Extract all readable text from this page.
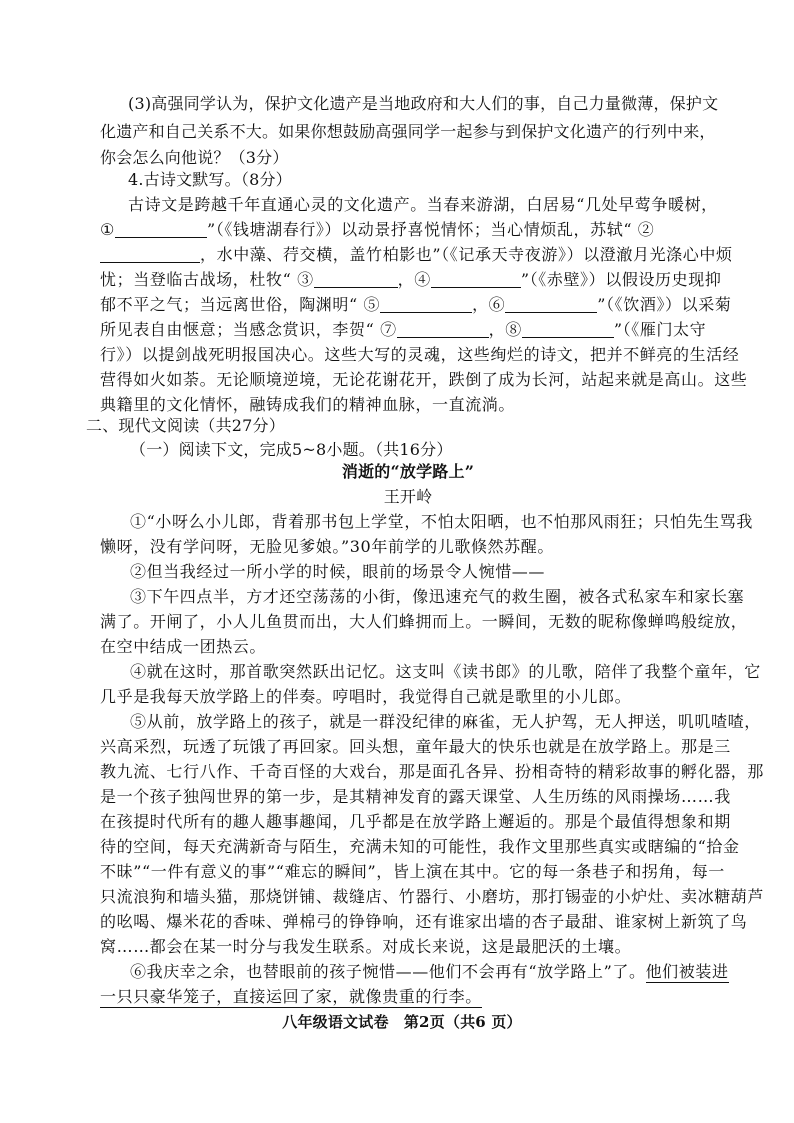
(3)高强同学认为，保护文化遗产是当地政府和大人们的事，自己力量微薄，保护文
化遗产和自己关系不大。如果你想鼓励高强同学一起参与到保护文化遗产的行列中来，
你会怎么向他说？（3分）
4.古诗文默写。（8分）
古诗文是跨越千年直通心灵的文化遗产。当春来游湖，白居易“几处早莺争暖树，
①	”（《钱塘湖春行》）以动景抒喜悦情怀；当心情烦乱，苏轼“ ②
，水中藻、荇交横，盖竹柏影也”（《记承天寺夜游》）以澄澈月光涤心中烦
忧；当登临古战场，杜牧“ ③	，④	”（《赤壁》）以假设历史现抑
郁不平之气；当远离世俗，陶渊明“ ⑤	，⑥	”（《饮酒》）以采菊
所见表自由惬意；当感念赏识，李贺“ ⑦	，⑧	”（《雁门太守
行》）以提剑战死明报国决心。这些大写的灵魂，这些绚烂的诗文，把并不鲜亮的生活经
营得如火如荼。无论顺境逆境，无论花谢花开，跌倒了成为长河，站起来就是高山。这些
典籍里的文化情怀，融铸成我们的精神血脉，一直流淌。
二、现代文阅读（共27分）
（一）阅读下文，完成5~8小题。（共16分）
消逝的“放学路上”
王开岭
①“小呀么小儿郎，背着那书包上学堂，不怕太阳晒，也不怕那风雨狂；只怕先生骂我
懒呀，没有学问呀，无脸见爹娘。”30年前学的儿歌倏然苏醒。
②但当我经过一所小学的时候，眼前的场景令人惋惜——
③下午四点半，方才还空荡荡的小街，像迅速充气的救生圈，被各式私家车和家长塞
满了。开闸了，小人儿鱼贯而出，大人们蜂拥而上。一瞬间，无数的昵称像蝉鸣般绽放，
在空中结成一团热云。
④就在这时，那首歌突然跃出记忆。这支叫《读书郎》的儿歌，陪伴了我整个童年，它
几乎是我每天放学路上的伴奏。哼唱时，我觉得自己就是歌里的小儿郎。
⑤从前，放学路上的孩子，就是一群没纪律的麻雀，无人护驾，无人押送，叽叽喳喳，
兴高采烈，玩透了玩饿了再回家。回头想，童年最大的快乐也就是在放学路上。那是三
教九流、七行八作、千奇百怪的大戏台，那是面孔各异、扮相奇特的精彩故事的孵化器，那
是一个孩子独闯世界的第一步，是其精神发育的露天课堂、人生历练的风雨操场……我
在孩提时代所有的趣人趣事趣闻，几乎都是在放学路上邂逅的。那是个最值得想象和期
待的空间，每天充满新奇与陌生，充满未知的可能性，我作文里那些真实或瞎编的“拾金
不昧”“一件有意义的事”“难忘的瞬间”，皆上演在其中。它的每一条巷子和拐角，每一
只流浪狗和墙头猫，那烧饼铺、裁缝店、竹器行、小磨坊，那打锡壶的小炉灶、卖冰糖葫芦
的吆喝、爆米花的香味、弹棉弓的铮铮响，还有谁家出墙的杏子最甜、谁家树上新筑了鸟
窝……都会在某一时分与我发生联系。对成长来说，这是最肥沃的土壤。
⑥我庆幸之余，也替眼前的孩子惋惜——他们不会再有“放学路上”了。他们被装进
一只只豪华笼子，直接运回了家，就像贵重的行李。
八年级语文试卷　第2页（共6 页）
